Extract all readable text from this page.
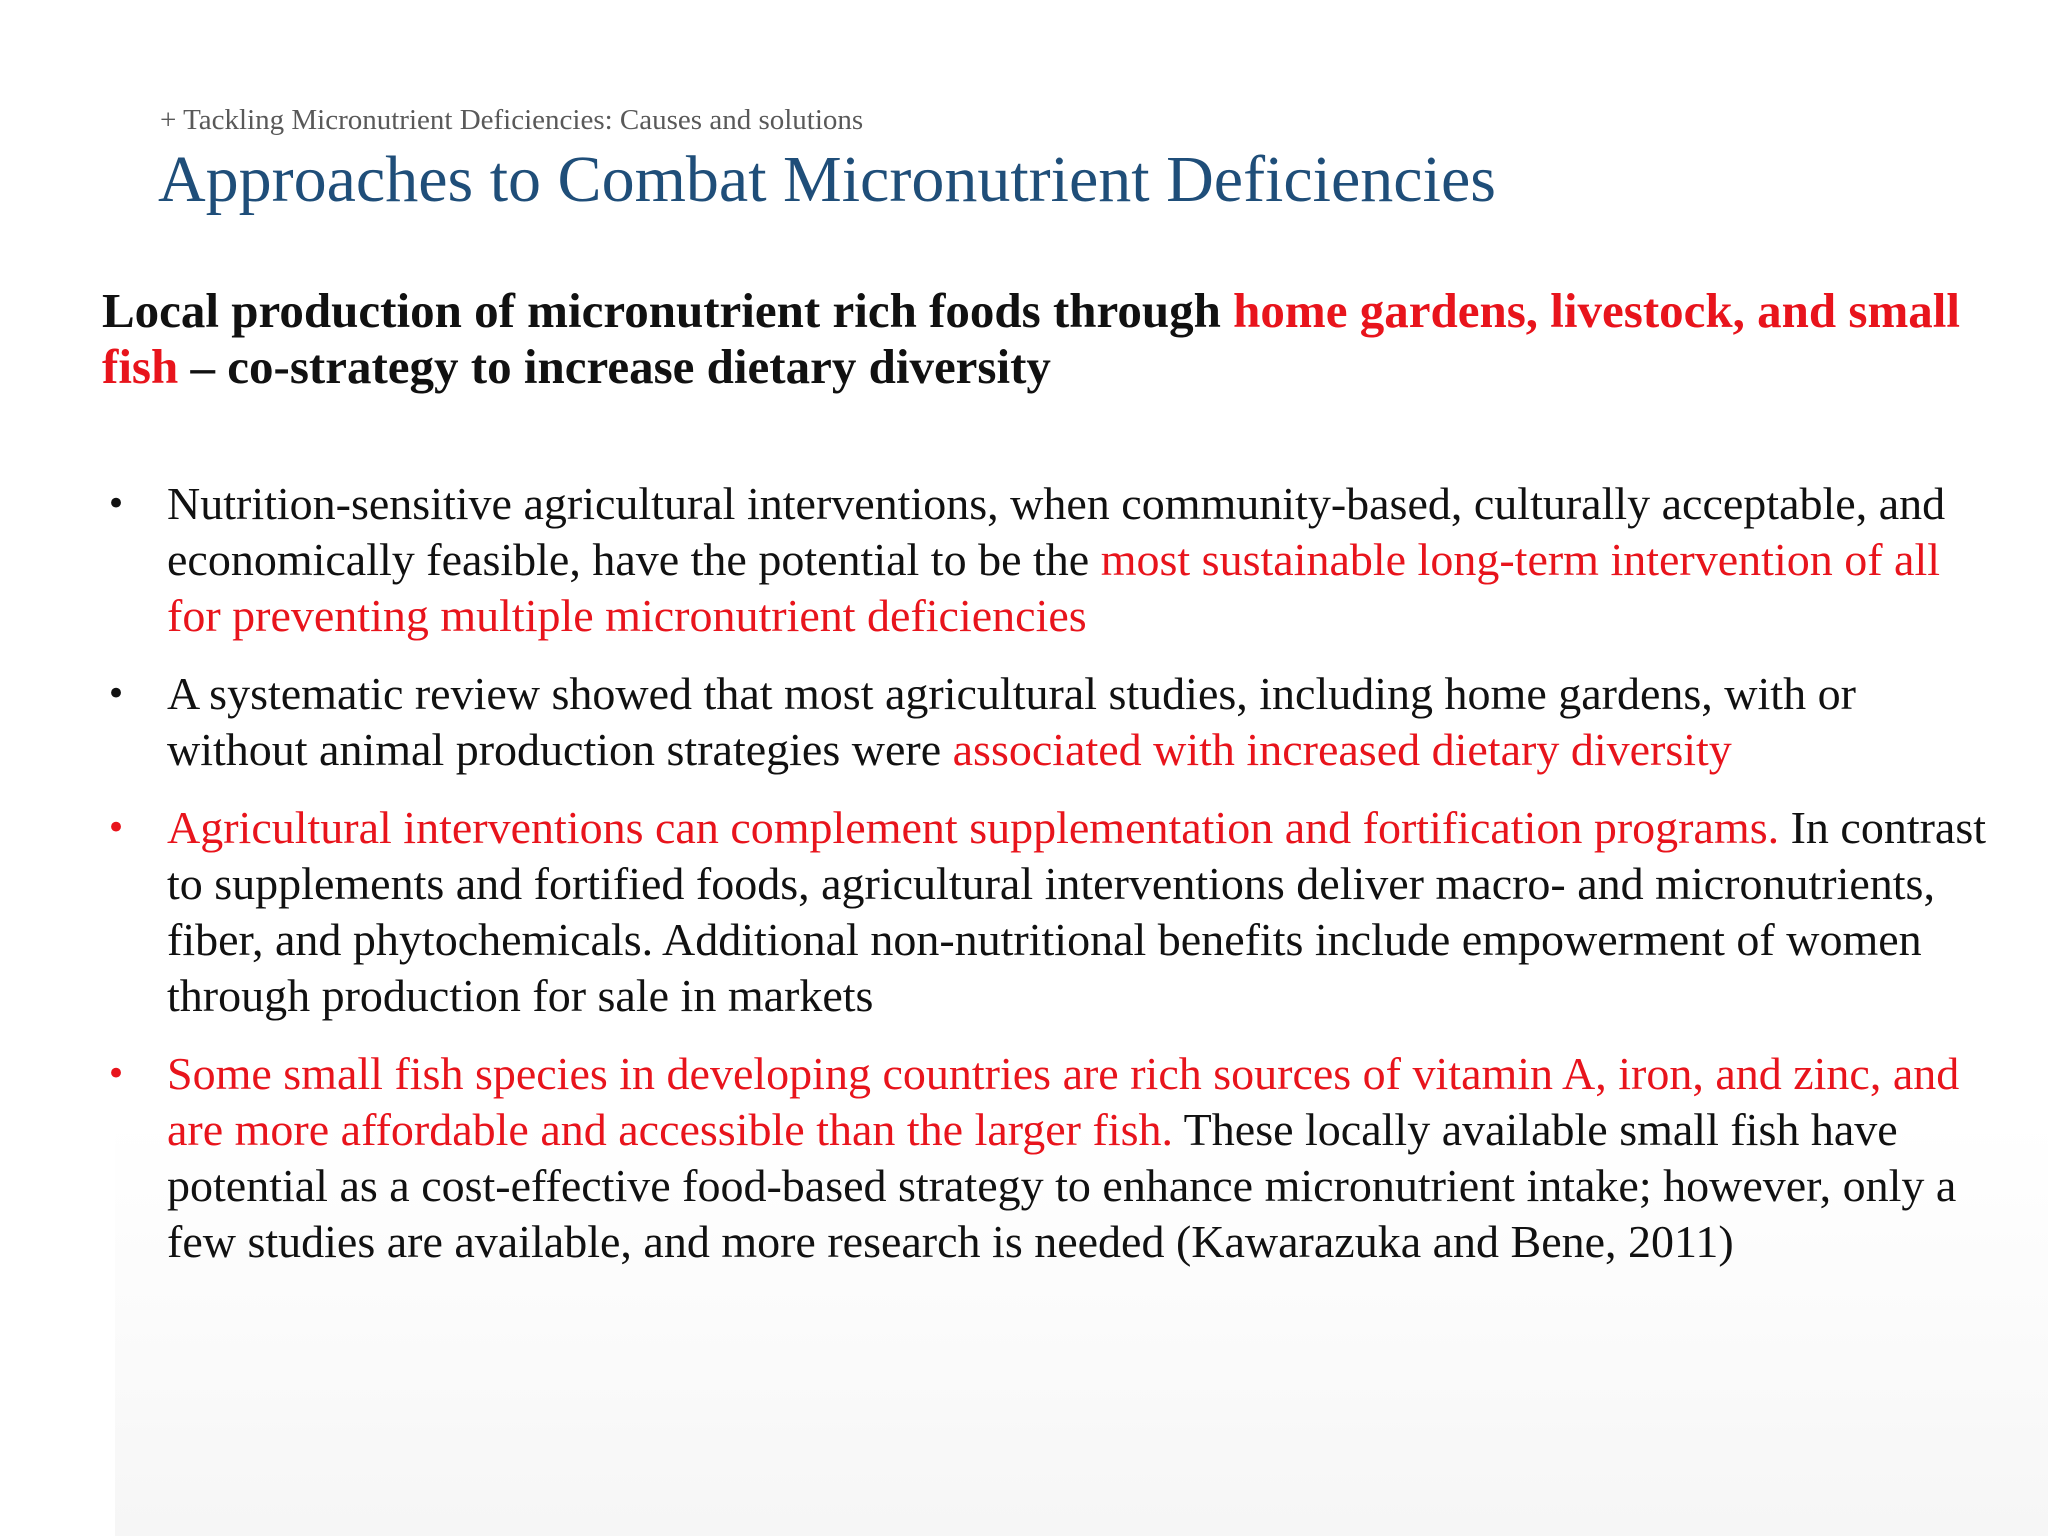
+ Tackling Micronutrient Deficiencies: Causes and solutions
Approaches to Combat Micronutrient Deficiencies

Local production of micronutrient rich foods through home gardens, livestock, and small fish – co-strategy to increase dietary diversity

• Nutrition-sensitive agricultural interventions, when community-based, culturally acceptable, and economically feasible, have the potential to be the most sustainable long-term intervention of all for preventing multiple micronutrient deficiencies
• A systematic review showed that most agricultural studies, including home gardens, with or without animal production strategies were associated with increased dietary diversity
• Agricultural interventions can complement supplementation and fortification programs. In contrast to supplements and fortified foods, agricultural interventions deliver macro- and micronutrients, fiber, and phytochemicals. Additional non-nutritional benefits include empowerment of women through production for sale in markets
• Some small fish species in developing countries are rich sources of vitamin A, iron, and zinc, and are more affordable and accessible than the larger fish. These locally available small fish have potential as a cost-effective food-based strategy to enhance micronutrient intake; however, only a few studies are available, and more research is needed (Kawarazuka and Bene, 2011)
